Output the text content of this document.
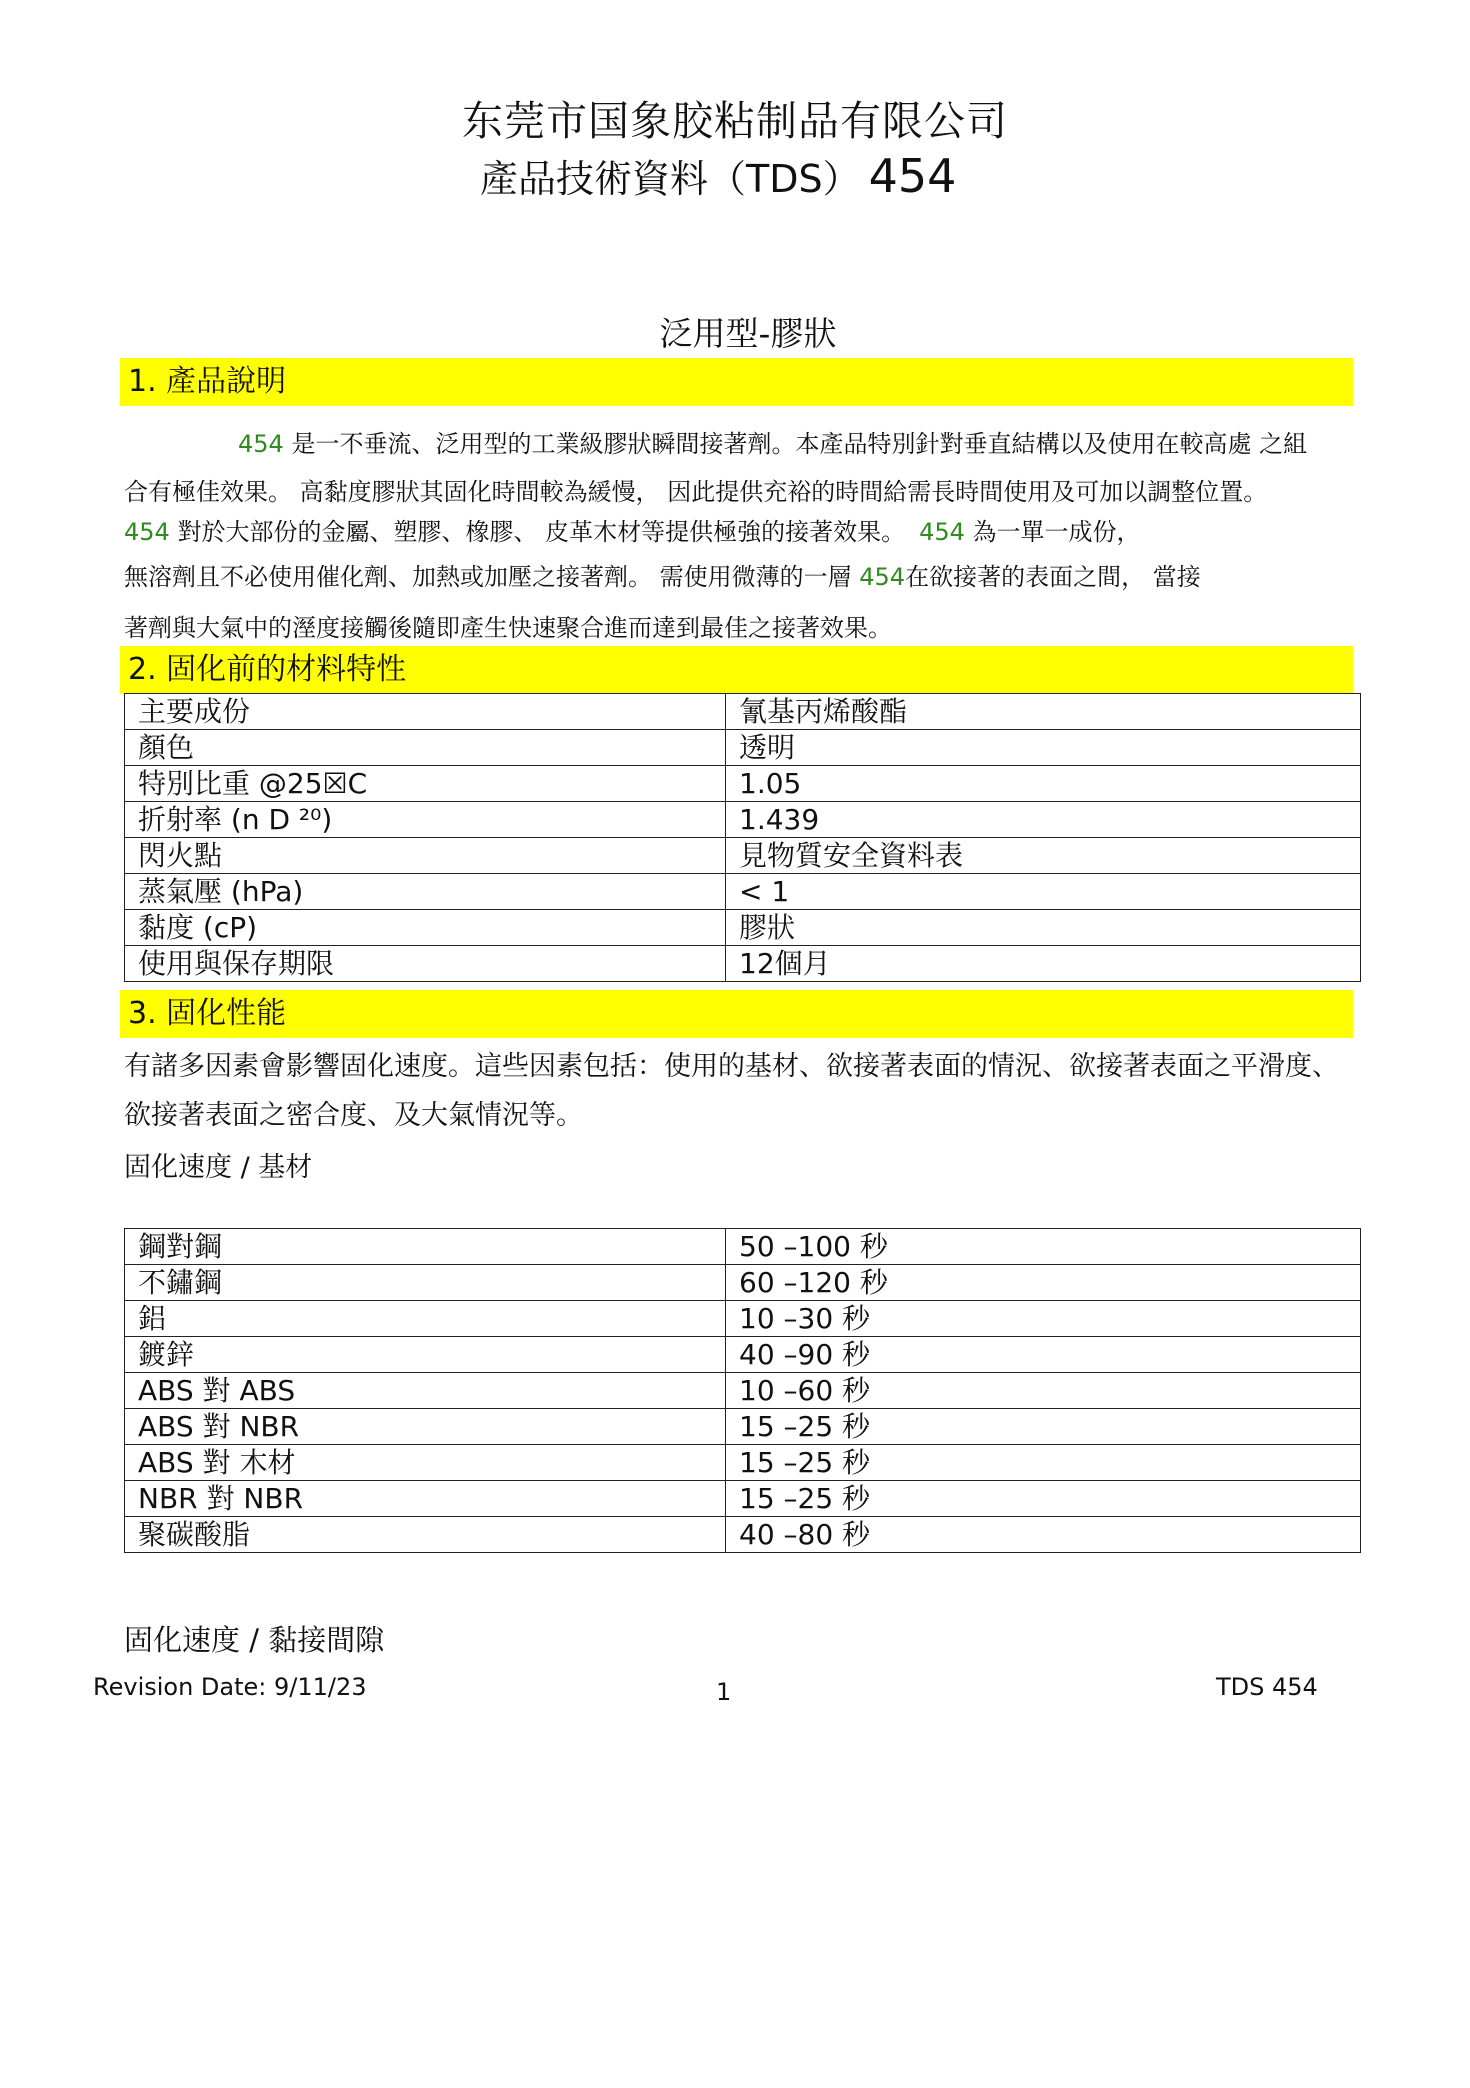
东莞市国象胶粘制品有限公司
產品技術資料（TDS） 454
泛用型-膠狀
1. 產品說明
454 是一不垂流、泛用型的工業級膠狀瞬間接著劑。本產品特別針對垂直結構以及使用在較高處 之組
合有極佳效果。 高黏度膠狀其固化時間較為緩慢， 因此提供充裕的時間給需長時間使用及可加以調整位置。
454 對於大部份的金屬、塑膠、橡膠、 皮革木材等提供極強的接著效果。 454 為一單一成份，
無溶劑且不必使用催化劑、加熱或加壓之接著劑。 需使用微薄的一層 454在欲接著的表面之間， 當接
著劑與大氣中的溼度接觸後隨即產生快速聚合進而達到最佳之接著效果。
2. 固化前的材料特性
主要成份	氰基丙烯酸酯
顏色	透明
特別比重 @25☒C	1.05
折射率 (n D ²⁰)	1.439
閃火點	見物質安全資料表
蒸氣壓 (hPa)	< 1
黏度 (cP)	膠狀
使用與保存期限	12個月
3. 固化性能
有諸多因素會影響固化速度。這些因素包括：使用的基材、欲接著表面的情況、欲接著表面之平滑度、
欲接著表面之密合度、及大氣情況等。
固化速度 / 基材
鋼對鋼	50 –100 秒
不鏽鋼	60 –120 秒
鋁	10 –30 秒
鍍鋅	40 –90 秒
ABS 對 ABS	10 –60 秒
ABS 對 NBR	15 –25 秒
ABS 對 木材	15 –25 秒
NBR 對 NBR	15 –25 秒
聚碳酸脂	40 –80 秒
固化速度 / 黏接間隙
Revision Date: 9/11/23	1	TDS 454
